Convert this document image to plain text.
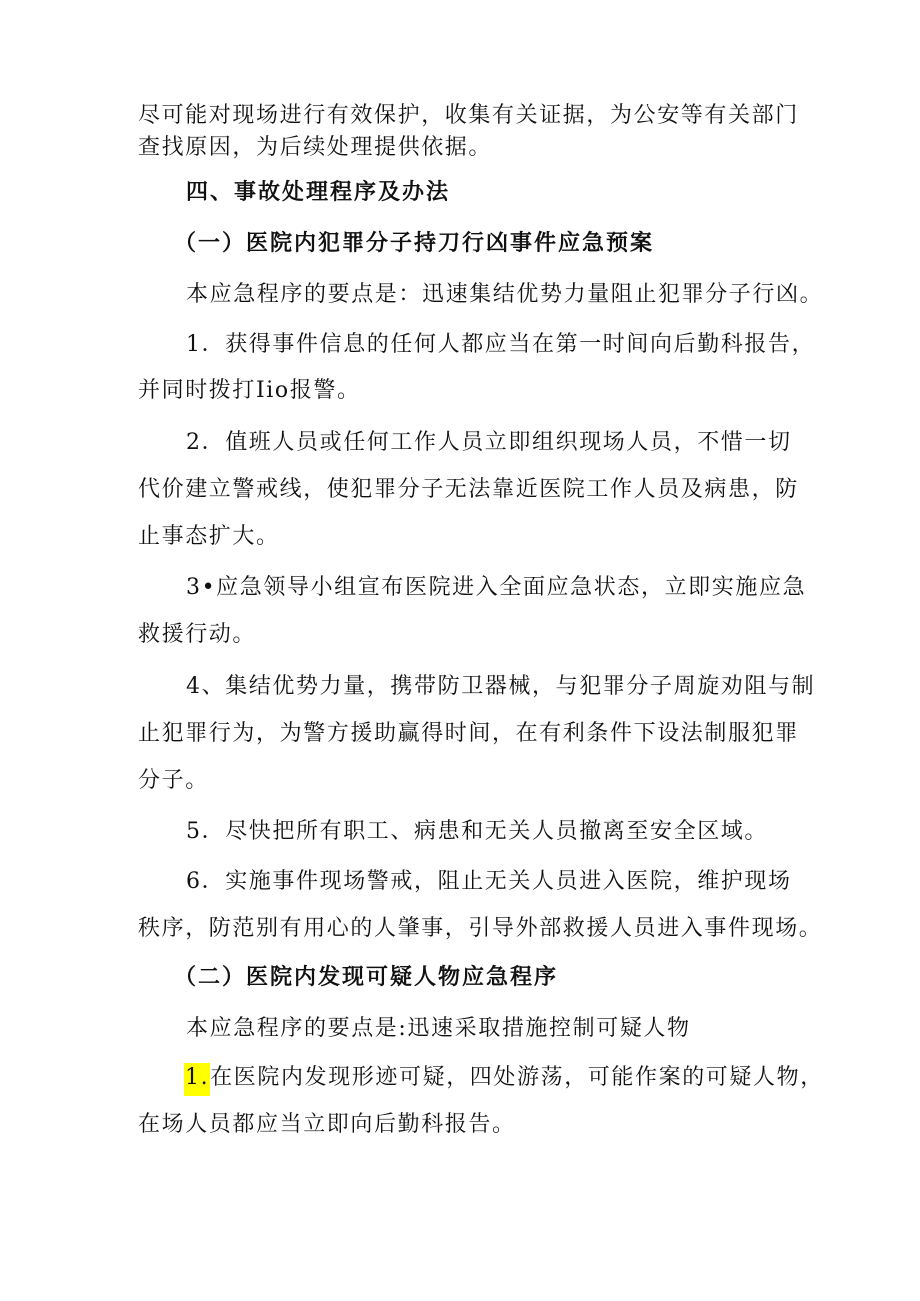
尽可能对现场进行有效保护，收集有关证据，为公安等有关部门
查找原因，为后续处理提供依据。
四、事故处理程序及办法
（一）医院内犯罪分子持刀行凶事件应急预案
本应急程序的要点是：迅速集结优势力量阻止犯罪分子行凶。
1．获得事件信息的任何人都应当在第一时间向后勤科报告，
并同时拨打Iio报警。
2．值班人员或任何工作人员立即组织现场人员，不惜一切
代价建立警戒线，使犯罪分子无法靠近医院工作人员及病患，防
止事态扩大。
3•应急领导小组宣布医院进入全面应急状态，立即实施应急
救援行动。
4、集结优势力量，携带防卫器械，与犯罪分子周旋劝阻与制
止犯罪行为，为警方援助赢得时间，在有利条件下设法制服犯罪
分子。
5．尽快把所有职工、病患和无关人员撤离至安全区域。
6．实施事件现场警戒，阻止无关人员进入医院，维护现场
秩序，防范别有用心的人肇事，引导外部救援人员进入事件现场。
（二）医院内发现可疑人物应急程序
本应急程序的要点是:迅速采取措施控制可疑人物
1.在医院内发现形迹可疑，四处游荡，可能作案的可疑人物，
在场人员都应当立即向后勤科报告。
